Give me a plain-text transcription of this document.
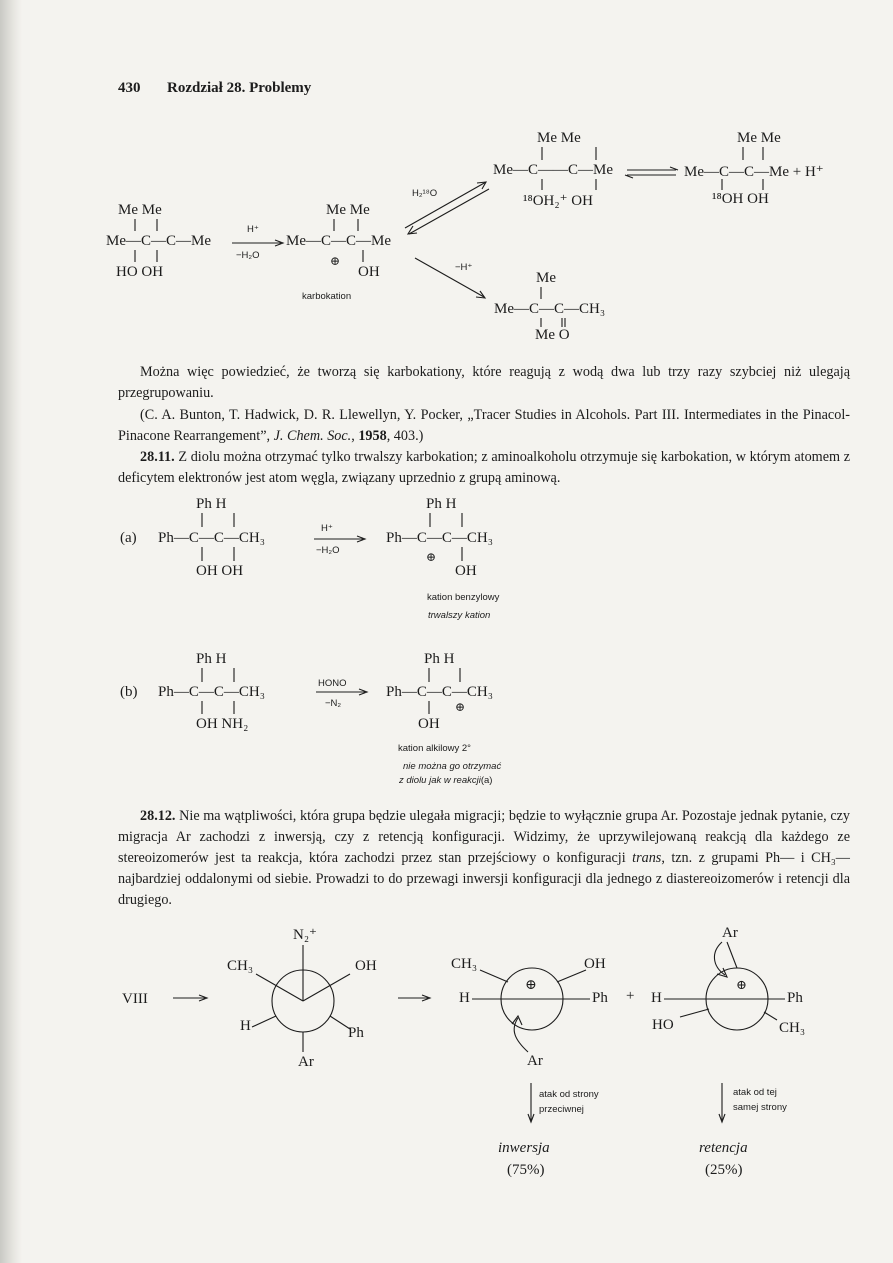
430 Rozdział 28. Problemy
Me Me
Me—C—C—Me
HO OH
H⁺
−H₂O
Me Me
Me—C—C—Me
⊕
OH
karbokation
H₂¹⁸O
−H⁺
Me Me
Me—C——C—Me
¹⁸OH₂⁺ OH
Me Me
Me—C—C—Me + H⁺
¹⁸OH OH
Me
Me—C—C—CH₃
Me O
Można więc powiedzieć, że tworzą się karbokationy, które reagują z wodą dwa lub trzy razy szybciej niż ulegają przegrupowaniu.
(C. A. Bunton, T. Hadwick, D. R. Llewellyn, Y. Pocker, „Tracer Studies in Alcohols. Part III. Intermediates in the Pinacol-Pinacone Rearrangement”, J. Chem. Soc., 1958, 403.)
28.11. Z diolu można otrzymać tylko trwalszy karbokation; z aminoalkoholu otrzymuje się karbokation, w którym atomem z deficytem elektronów jest atom węgla, związany uprzednio z grupą aminową.
Ph H
(a) Ph—C—C—CH₃
OH OH
H⁺
−H₂O
Ph H
Ph—C—C—CH₃
⊕
OH
kation benzylowy
trwalszy kation
Ph H
(b) Ph—C—C—CH₃
OH NH₂
HONO
−N₂
Ph H
Ph—C—C—CH₃
⊕
OH
kation alkilowy 2°
nie można go otrzymać
z diolu jak w reakcji(a)
28.12. Nie ma wątpliwości, która grupa będzie ulegała migracji; będzie to wyłącznie grupa Ar. Pozostaje jednak pytanie, czy migracja Ar zachodzi z inwersją, czy z retencją konfiguracji. Widzimy, że uprzywilejowaną reakcją dla każdego ze stereoizomerów jest ta reakcja, która zachodzi przez stan przejściowy o konfiguracji trans, tzn. z grupami Ph— i CH₃— najbardziej oddalonymi od siebie. Prowadzi to do przewagi inwersji konfiguracji dla jednego z diastereoizomerów i retencji dla drugiego.
VIII
N₂⁺
CH₃	OH
H	Ph
Ar
CH₃	OH
H	Ph
⊕
Ar
+ H	Ph
HO	CH₃
Ar
⊕
atak od strony
przeciwnej
atak od tej
samej strony
inwersja
(75%)
retencja
(25%)
